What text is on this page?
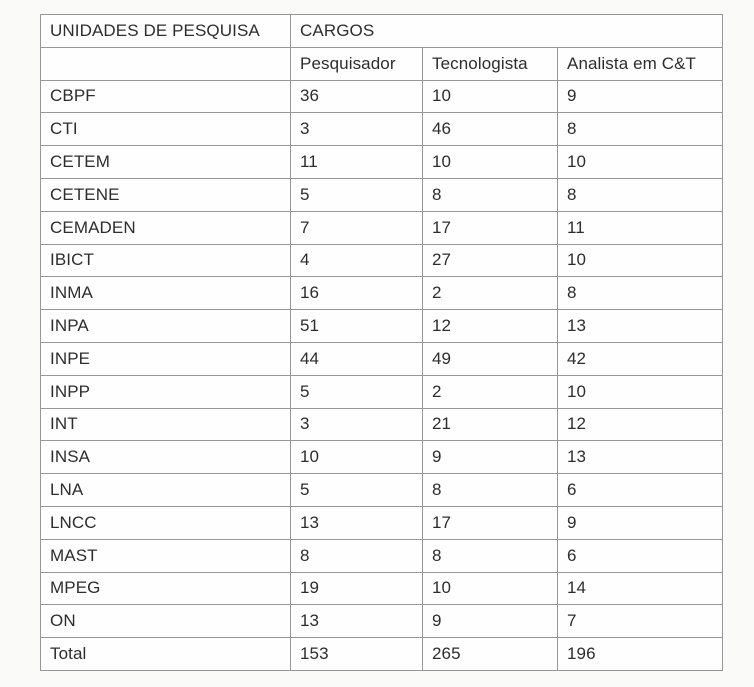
UNIDADES DE PESQUISA	CARGOS		
	Pesquisador	Tecnologista	Analista em C&T
CBPF	36	10	9
CTI	3	46	8
CETEM	11	10	10
CETENE	5	8	8
CEMADEN	7	17	11
IBICT	4	27	10
INMA	16	2	8
INPA	51	12	13
INPE	44	49	42
INPP	5	2	10
INT	3	21	12
INSA	10	9	13
LNA	5	8	6
LNCC	13	17	9
MAST	8	8	6
MPEG	19	10	14
ON	13	9	7
Total	153	265	196
